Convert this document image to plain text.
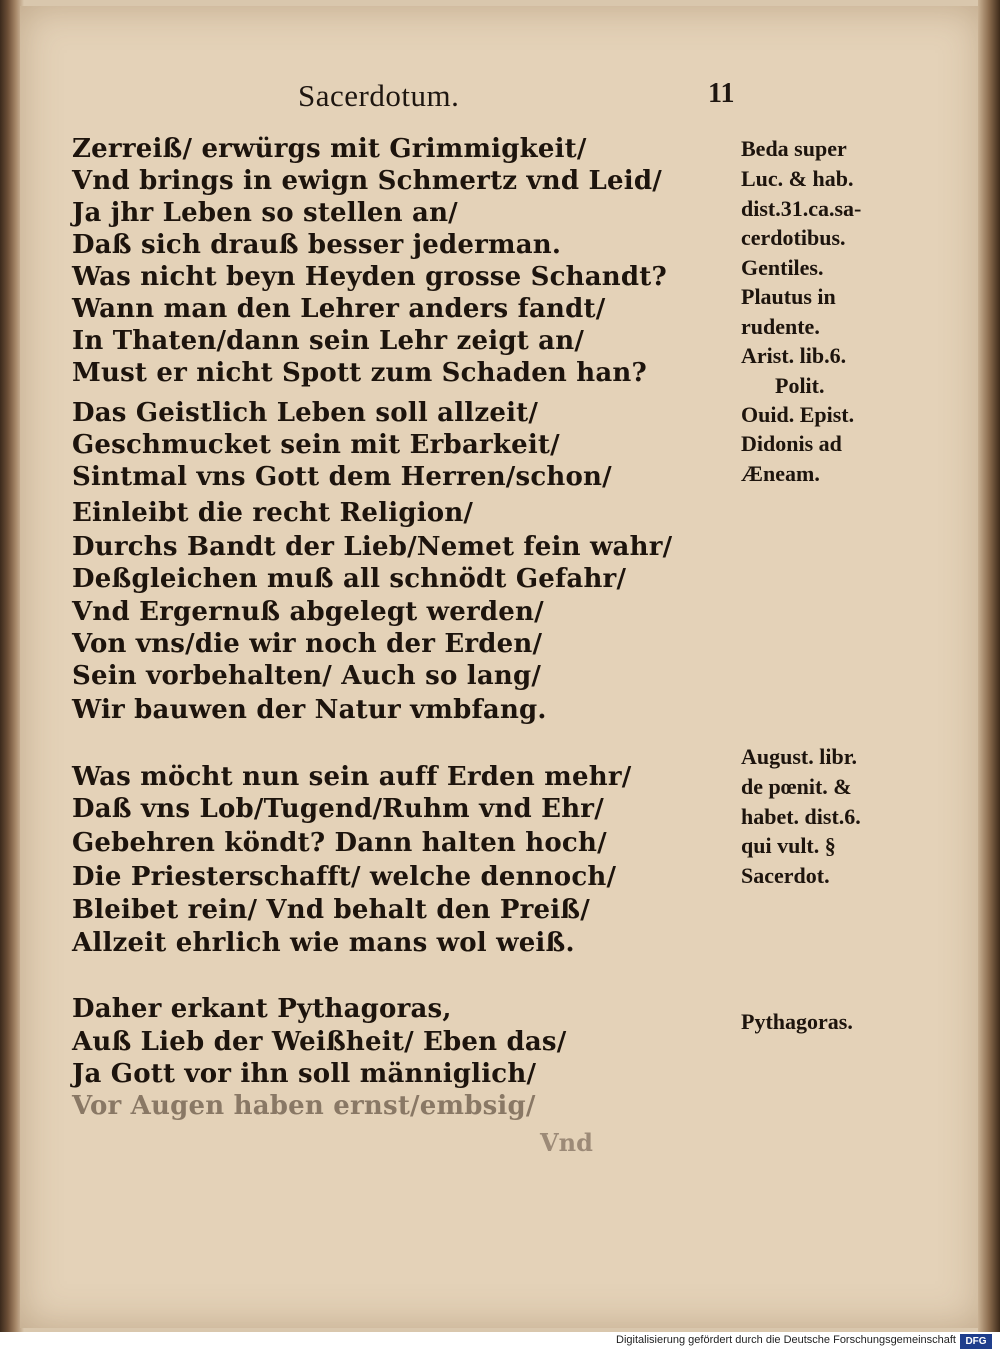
Sacerdotum.	11
Zerreiß/ erwürgs mit Grimmigkeit/
Vnd brings in ewign Schmertz vnd Leid/
Ja jhr Leben so stellen an/
Daß sich drauß besser jederman.
Was nicht beyn Heyden grosse Schandt?
Wann man den Lehrer anders fandt/
In Thaten/dann sein Lehr zeigt an/
Must er nicht Spott zum Schaden han?
Das Geistlich Leben soll allzeit/
Geschmucket sein mit Erbarkeit/
Sintmal vns Gott dem Herren/schon/
Einleibt die recht Religion/
Durchs Bandt der Lieb/Nemet fein wahr/
Deßgleichen muß all schnödt Gefahr/
Vnd Ergernuß abgelegt werden/
Von vns/die wir noch der Erden/
Sein vorbehalten/ Auch so lang/
Wir bauwen der Natur vmbfang.
Was möcht nun sein auff Erden mehr/
Daß vns Lob/Tugend/Ruhm vnd Ehr/
Gebehren köndt? Dann halten hoch/
Die Priesterschafft/ welche dennoch/
Bleibet rein/ Vnd behalt den Preiß/
Allzeit ehrlich wie mans wol weiß.
Daher erkant Pythagoras,
Auß Lieb der Weißheit/ Eben das/
Ja Gott vor ihn soll männiglich/
Vor Augen haben ernst/embsig/
Vnd
Beda super
Luc. & hab.
dist.31.ca.sa-
cerdotibus.
Gentiles.
Plautus in
rudente.
Arist. lib.6.
Polit.
Ouid. Epist.
Didonis ad
Æneam.
August. libr.
de pœnit. &
habet. dist.6.
qui vult. §
Sacerdot.
Pythagoras.
Digitalisierung gefördert durch die Deutsche Forschungsgemeinschaft DFG
